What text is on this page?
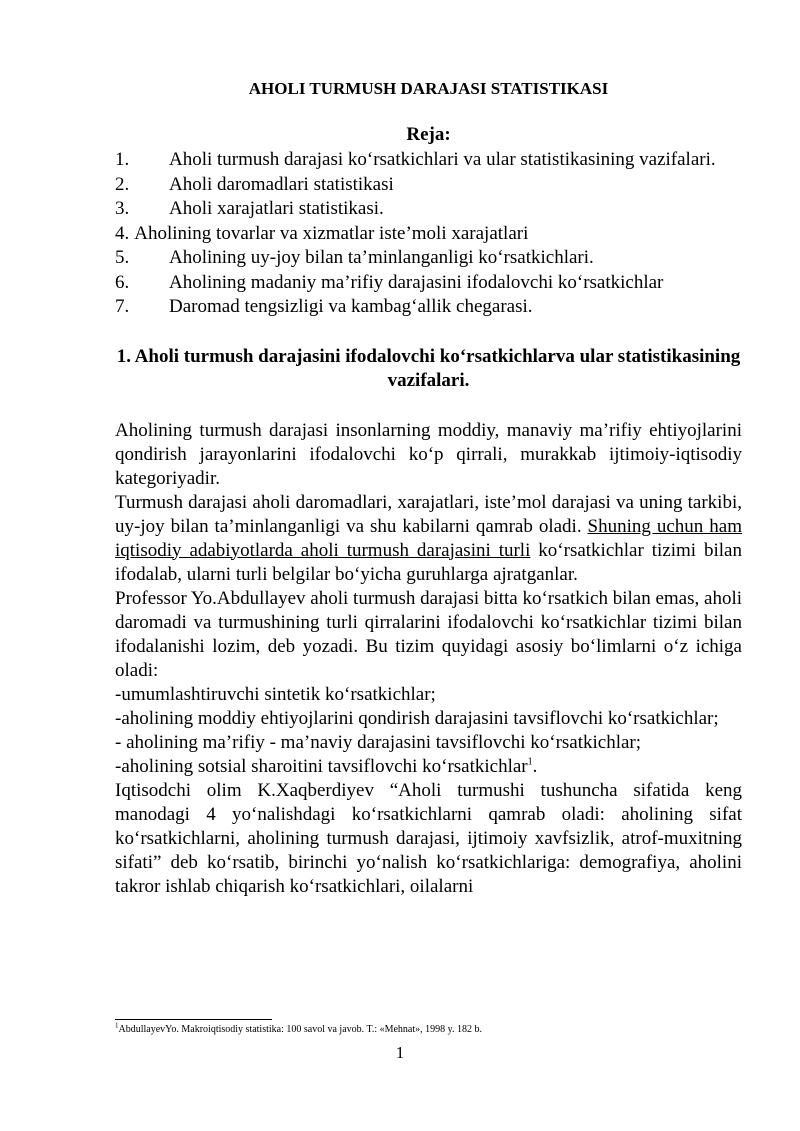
AHOLI TURMUSH DARAJASI STATISTIKASI
Reja:
1. Aholi turmush darajasi ko‘rsatkichlari va ular statistikasining vazifalari.
2. Aholi daromadlari statistikasi
3. Aholi xarajatlari statistikasi.
4. Aholining tovarlar va xizmatlar iste’moli xarajatlari
5. Aholining uy-joy bilan ta’minlanganligi ko‘rsatkichlari.
6. Aholining madaniy ma’rifiy darajasini ifodalovchi ko‘rsatkichlar
7. Daromad tengsizligi va kambag‘allik chegarasi.
1. Aholi turmush darajasini ifodalovchi ko‘rsatkichlarva ular statistikasining vazifalari.

Aholining turmush darajasi insonlarning moddiy, manaviy ma’rifiy ehtiyojlarini qondirish jarayonlarini ifodalovchi ko‘p qirrali, murakkab ijtimoiy-iqtisodiy kategoriyadir.

Turmush darajasi aholi daromadlari, xarajatlari, iste’mol darajasi va uning tarkibi, uy-joy bilan ta’minlanganligi va shu kabilarni qamrab oladi. Shuning uchun ham iqtisodiy adabiyotlarda aholi turmush darajasini turli ko‘rsatkichlar tizimi bilan ifodalab, ularni turli belgilar bo‘yicha guruhlarga ajratganlar.

Professor Yo.Abdullayev aholi turmush darajasi bitta ko‘rsatkich bilan emas, aholi daromadi va turmushining turli qirralarini ifodalovchi ko‘rsatkichlar tizimi bilan ifodalanishi lozim, deb yozadi. Bu tizim quyidagi asosiy bo‘limlarni o‘z ichiga oladi:

-umumlashtiruvchi sintetik ko‘rsatkichlar;

-aholining moddiy ehtiyojlarini qondirish darajasini tavsiflovchi ko‘rsatkichlar;

- aholining ma’rifiy - ma’naviy darajasini tavsiflovchi ko‘rsatkichlar;

-aholining sotsial sharoitini tavsiflovchi ko‘rsatkichlar$^1$.

Iqtisodchi olim K.Xaqberdiyev “Aholi turmushi tushuncha sifatida keng manodagi 4 yo‘nalishdagi ko‘rsatkichlarni qamrab oladi: aholining sifat ko‘rsatkichlarni, aholining turmush darajasi, ijtimoiy xavfsizlik, atrof-muxitning sifati” deb ko‘rsatib, birinchi yo‘nalish ko‘rsatkichlariga: demografiya, aholini takror ishlab chiqarish ko‘rsatkichlari, oilalarni

$^1$AbdullayevYo. Makroiqtisodiy statistika: 100 savol va javob. T.: «Mehnat», 1998 y. 182 b.
1
